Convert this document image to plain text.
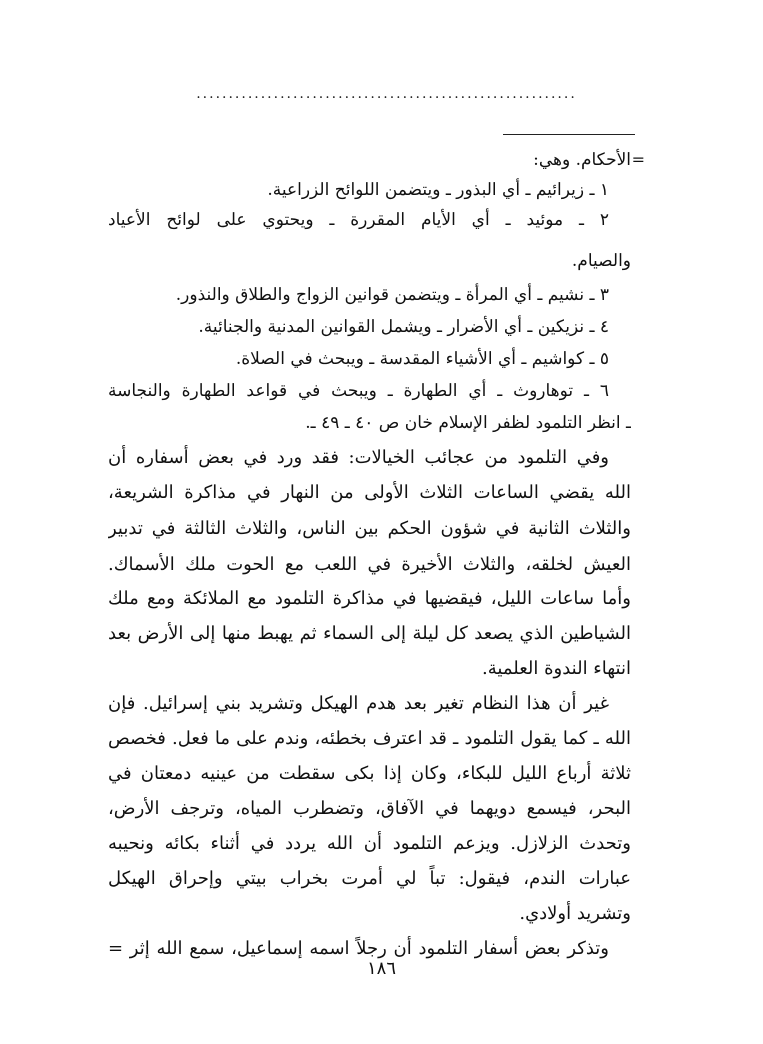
...........................................................
=
الأحكام. وهي:
١ ـ زيرائيم ـ أي البذور ـ ويتضمن اللوائح الزراعية.
٢ ـ موئيد ـ أي الأيام المقررة ـ ويحتوي على لوائح الأعياد
والصيام.
٣ ـ نشيم ـ أي المرأة ـ ويتضمن قوانين الزواج والطلاق والنذور.
٤ ـ نزيكين ـ أي الأضرار ـ ويشمل القوانين المدنية والجنائية.
٥ ـ كواشيم ـ أي الأشياء المقدسة ـ ويبحث في الصلاة.
٦ ـ توهاروث ـ أي الطهارة ـ ويبحث في قواعد الطهارة والنجاسة
ـ انظر التلمود لظفر الإسلام خان ص ٤٠ ـ ٤٩ ـ.
وفي التلمود من عجائب الخيالات: فقد ورد في بعض أسفاره أن
الله يقضي الساعات الثلاث الأولى من النهار في مذاكرة الشريعة،
والثلاث الثانية في شؤون الحكم بين الناس، والثلاث الثالثة في تدبير
العيش لخلقه، والثلاث الأخيرة في اللعب مع الحوت ملك الأسماك.
وأما ساعات الليل، فيقضيها في مذاكرة التلمود مع الملائكة ومع ملك
الشياطين الذي يصعد كل ليلة إلى السماء ثم يهبط منها إلى الأرض بعد
انتهاء الندوة العلمية.
غير أن هذا النظام تغير بعد هدم الهيكل وتشريد بني إسرائيل. فإن
الله ـ كما يقول التلمود ـ قد اعترف بخطئه، وندم على ما فعل. فخصص
ثلاثة أرباع الليل للبكاء، وكان إذا بكى سقطت من عينيه دمعتان في
البحر، فيسمع دويهما في الآفاق، وتضطرب المياه، وترجف الأرض،
وتحدث الزلازل. ويزعم التلمود أن الله يردد في أثناء بكائه ونحيبه
عبارات الندم، فيقول: تباً لي أمرت بخراب بيتي وإحراق الهيكل
وتشريد أولادي.
وتذكر بعض أسفار التلمود أن رجلاً اسمه إسماعيل، سمع الله إثر =
١٨٦
